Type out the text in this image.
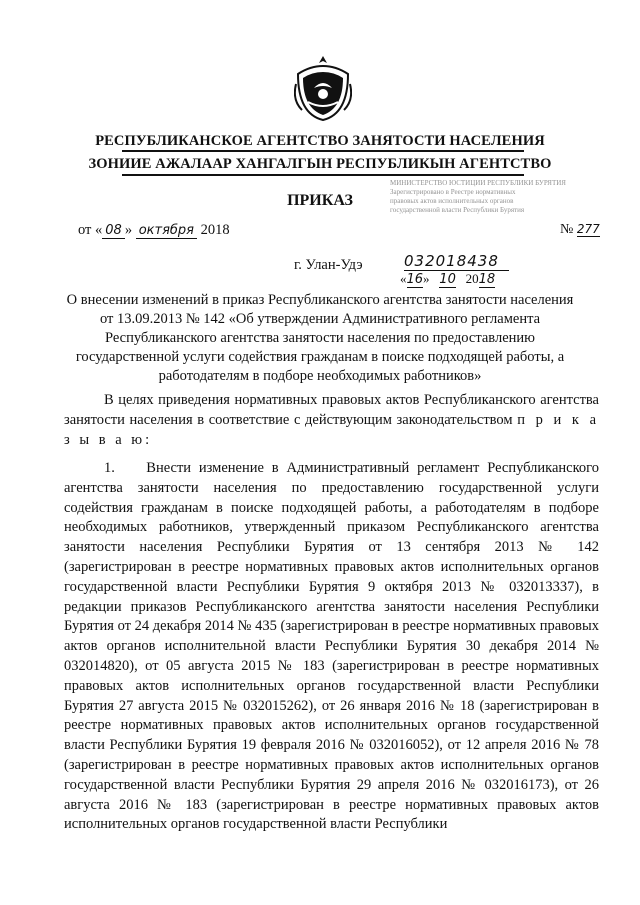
РЕСПУБЛИКАНСКОЕ АГЕНТСТВО ЗАНЯТОСТИ НАСЕЛЕНИЯ
ЗОНИИЕ АЖАЛААР ХАНГАЛГЫН РЕСПУБЛИКЫН АГЕНТСТВО
ПРИКАЗ
МИНИСТЕРСТВО ЮСТИЦИИ РЕСПУБЛИКИ БУРЯТИЯ
Зарегистрировано в Реестре нормативных
правовых актов исполнительных органов
государственной власти Республики Бурятия
от « 08 » октября 2018	№ 277
г. Улан-Удэ	032018438
«16»   10 2018
О внесении изменений в приказ Республиканского агентства занятости населения от 13.09.2013 № 142 «Об утверждении Административного регламента Республиканского агентства занятости населения по предоставлению государственной услуги содействия гражданам в поиске подходящей работы, а работодателям в подборе необходимых работников»
В целях приведения нормативных правовых актов Республиканского агентства занятости населения в соответствие с действующим законодательством п р и к а з ы в а ю:
1. Внести изменение в Административный регламент Республиканского агентства занятости населения по предоставлению государственной услуги содействия гражданам в поиске подходящей работы, а работодателям в подборе необходимых работников, утвержденный приказом Республиканского агентства занятости населения Республики Бурятия от 13 сентября 2013 № 142 (зарегистрирован в реестре нормативных правовых актов исполнительных органов государственной власти Республики Бурятия 9 октября 2013 № 032013337), в редакции приказов Республиканского агентства занятости населения Республики Бурятия от 24 декабря 2014 № 435 (зарегистрирован в реестре нормативных правовых актов органов исполнительной власти Республики Бурятия 30 декабря 2014 № 032014820), от 05 августа 2015 № 183 (зарегистрирован в реестре нормативных правовых актов исполнительных органов государственной власти Республики Бурятия 27 августа 2015 № 032015262), от 26 января 2016 № 18 (зарегистрирован в реестре нормативных правовых актов исполнительных органов государственной власти Республики Бурятия 19 февраля 2016 № 032016052), от 12 апреля 2016 № 78 (зарегистрирован в реестре нормативных правовых актов исполнительных органов государственной власти Республики Бурятия 29 апреля 2016 № 032016173), от 26 августа 2016 № 183 (зарегистрирован в реестре нормативных правовых актов исполнительных органов государственной власти Республики
